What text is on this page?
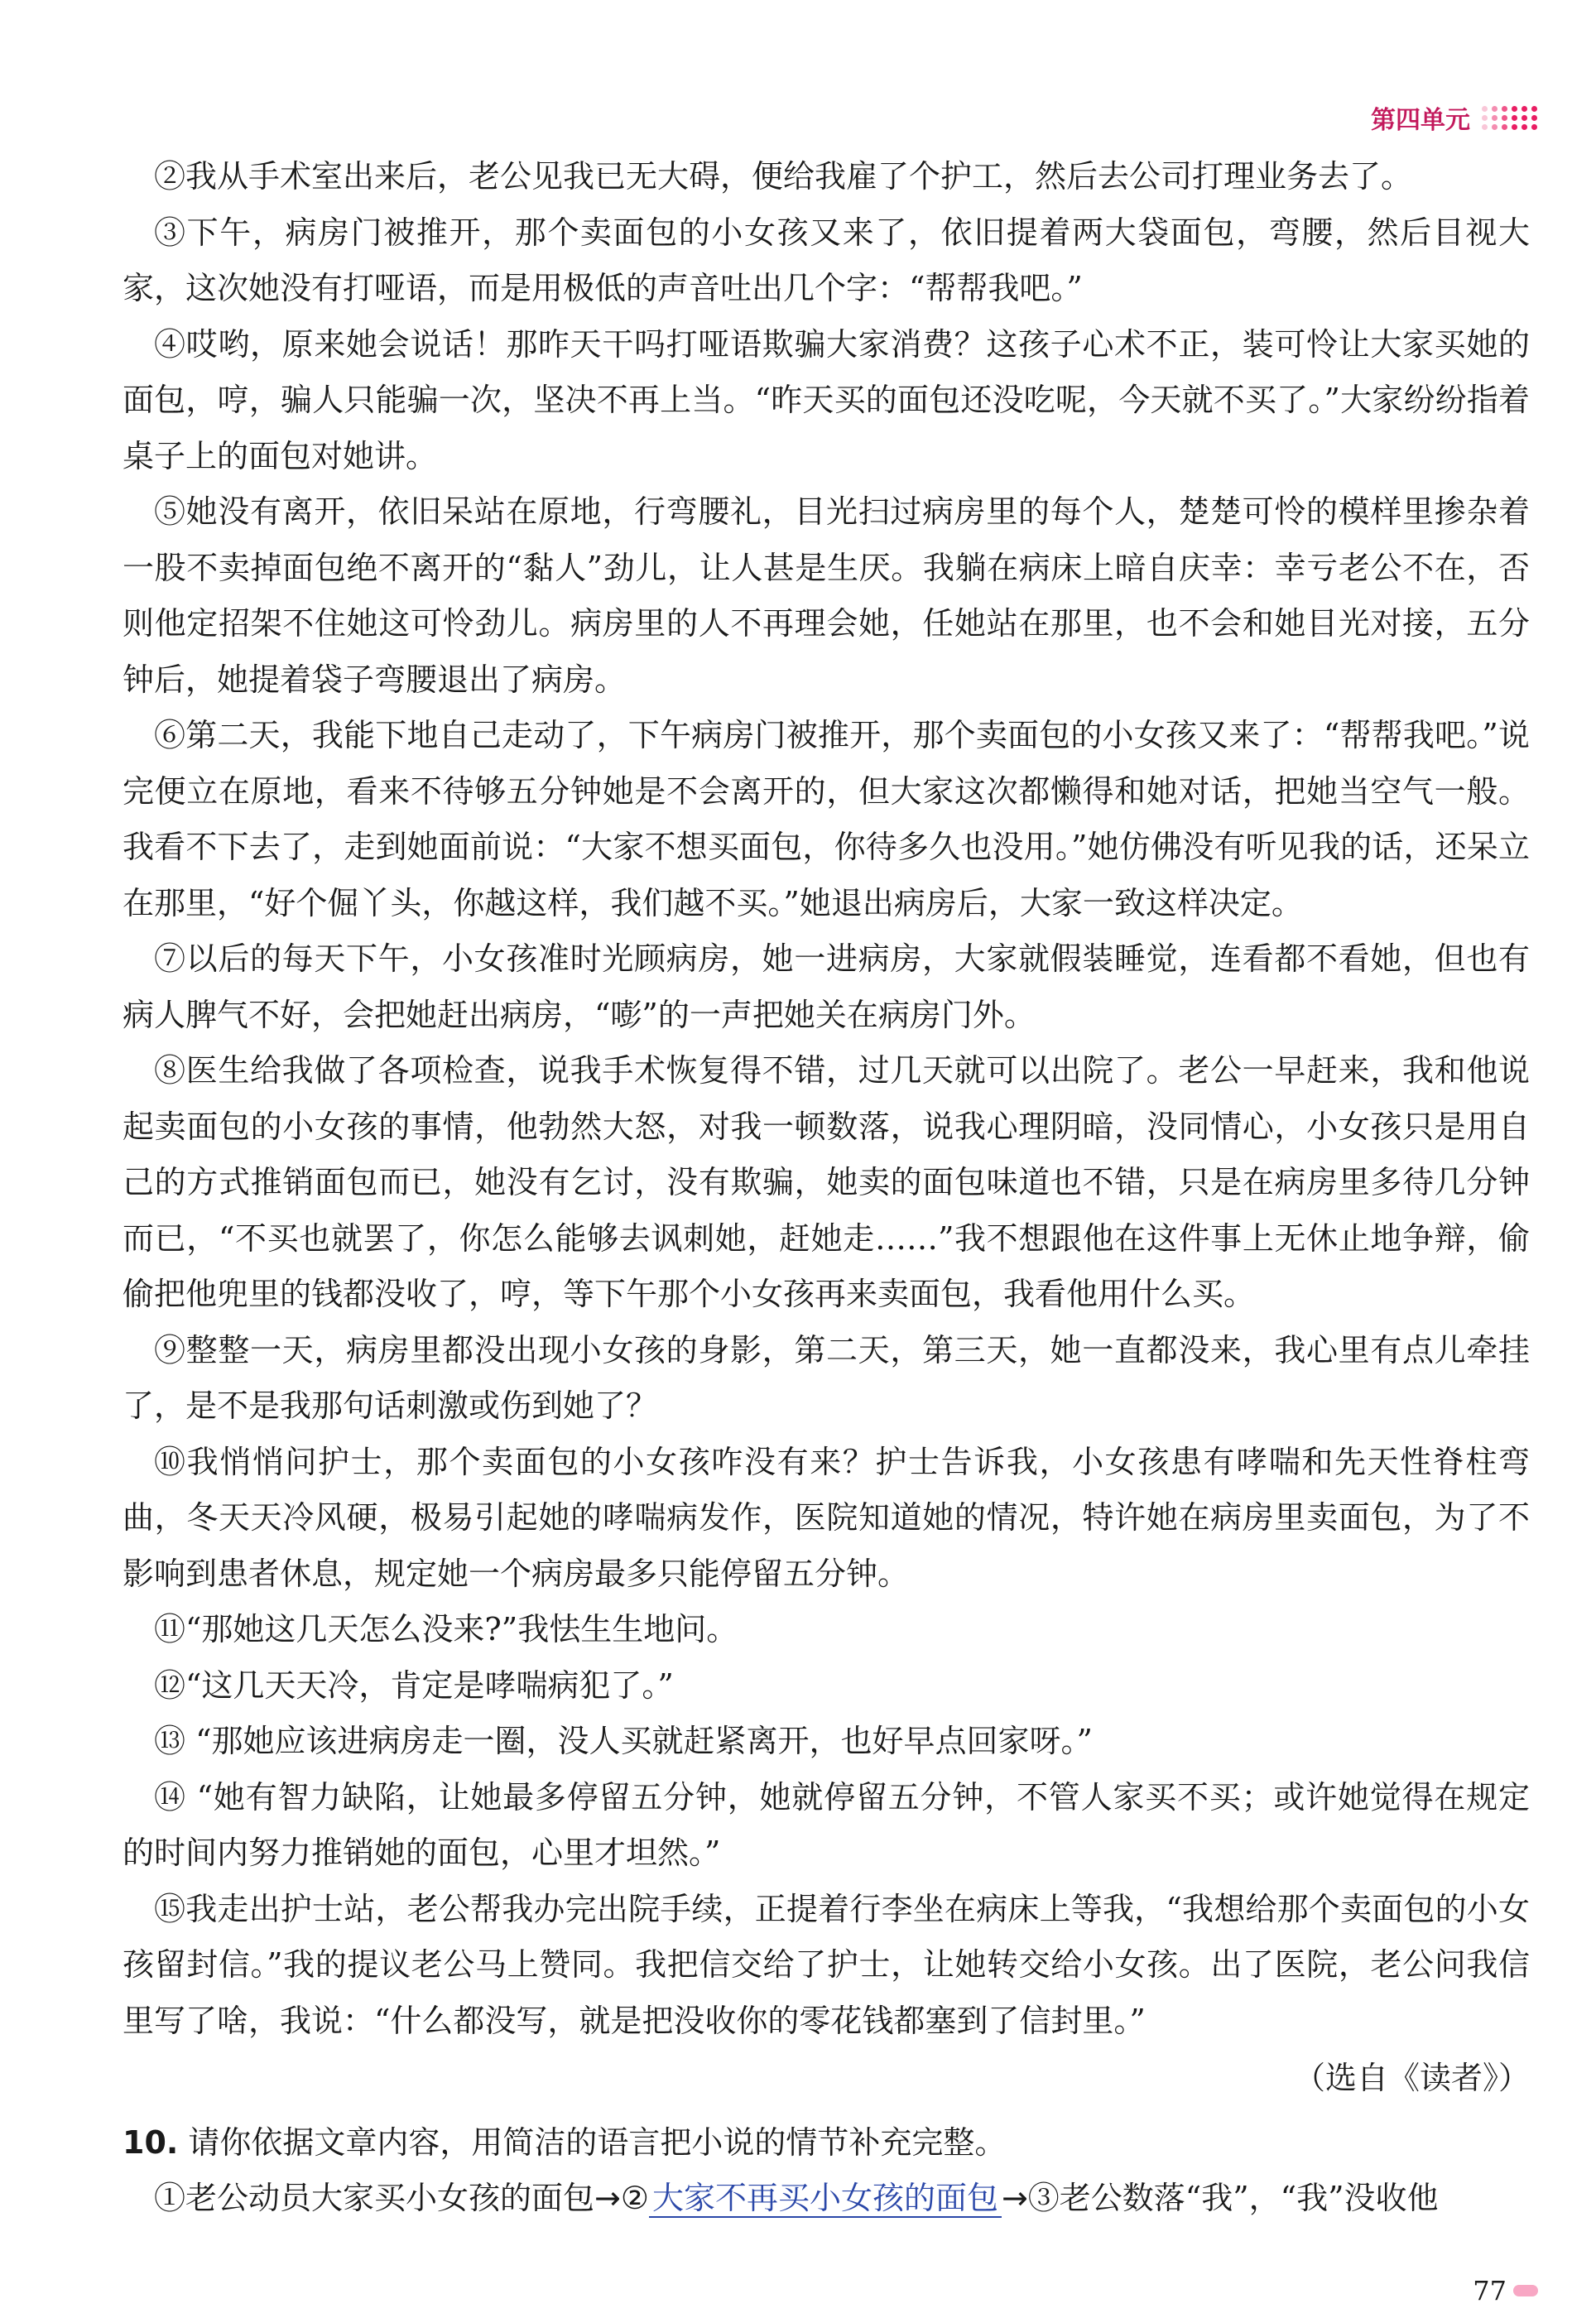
第四单元

②我从手术室出来后，老公见我已无大碍，便给我雇了个护工，然后去公司打理业务去了。

③下午，病房门被推开，那个卖面包的小女孩又来了，依旧提着两大袋面包，弯腰，然后目视大家，这次她没有打哑语，而是用极低的声音吐出几个字：“帮帮我吧。”

④哎哟，原来她会说话！那昨天干吗打哑语欺骗大家消费？这孩子心术不正，装可怜让大家买她的面包，哼，骗人只能骗一次，坚决不再上当。“昨天买的面包还没吃呢，今天就不买了。”大家纷纷指着桌子上的面包对她讲。

⑤她没有离开，依旧呆站在原地，行弯腰礼，目光扫过病房里的每个人，楚楚可怜的模样里掺杂着一股不卖掉面包绝不离开的“黏人”劲儿，让人甚是生厌。我躺在病床上暗自庆幸：幸亏老公不在，否则他定招架不住她这可怜劲儿。病房里的人不再理会她，任她站在那里，也不会和她目光对接，五分钟后，她提着袋子弯腰退出了病房。

⑥第二天，我能下地自己走动了，下午病房门被推开，那个卖面包的小女孩又来了：“帮帮我吧。”说完便立在原地，看来不待够五分钟她是不会离开的，但大家这次都懒得和她对话，把她当空气一般。我看不下去了，走到她面前说：“大家不想买面包，你待多久也没用。”她仿佛没有听见我的话，还呆立在那里，“好个倔丫头，你越这样，我们越不买。”她退出病房后，大家一致这样决定。

⑦以后的每天下午，小女孩准时光顾病房，她一进病房，大家就假装睡觉，连看都不看她，但也有病人脾气不好，会把她赶出病房，“嘭”的一声把她关在病房门外。

⑧医生给我做了各项检查，说我手术恢复得不错，过几天就可以出院了。老公一早赶来，我和他说起卖面包的小女孩的事情，他勃然大怒，对我一顿数落，说我心理阴暗，没同情心，小女孩只是用自己的方式推销面包而已，她没有乞讨，没有欺骗，她卖的面包味道也不错，只是在病房里多待几分钟而已，“不买也就罢了，你怎么能够去讽刺她，赶她走……”我不想跟他在这件事上无休止地争辩，偷偷把他兜里的钱都没收了，哼，等下午那个小女孩再来卖面包，我看他用什么买。

⑨整整一天，病房里都没出现小女孩的身影，第二天，第三天，她一直都没来，我心里有点儿牵挂了，是不是我那句话刺激或伤到她了？

⑩我悄悄问护士，那个卖面包的小女孩咋没有来？护士告诉我，小女孩患有哮喘和先天性脊柱弯曲，冬天天冷风硬，极易引起她的哮喘病发作，医院知道她的情况，特许她在病房里卖面包，为了不影响到患者休息，规定她一个病房最多只能停留五分钟。

⑪“那她这几天怎么没来?”我怯生生地问。

⑫“这几天天冷，肯定是哮喘病犯了。”

⑬ “那她应该进病房走一圈，没人买就赶紧离开，也好早点回家呀。”

⑭ “她有智力缺陷，让她最多停留五分钟，她就停留五分钟，不管人家买不买；或许她觉得在规定的时间内努力推销她的面包，心里才坦然。”

⑮我走出护士站，老公帮我办完出院手续，正提着行李坐在病床上等我，“我想给那个卖面包的小女孩留封信。”我的提议老公马上赞同。我把信交给了护士，让她转交给小女孩。出了医院，老公问我信里写了啥，我说：“什么都没写，就是把没收你的零花钱都塞到了信封里。”

（选自《读者》）

10. 请你依据文章内容，用简洁的语言把小说的情节补充完整。

①老公动员大家买小女孩的面包→② 大家不再买小女孩的面包 →③老公数落“我”，“我”没收他

77
